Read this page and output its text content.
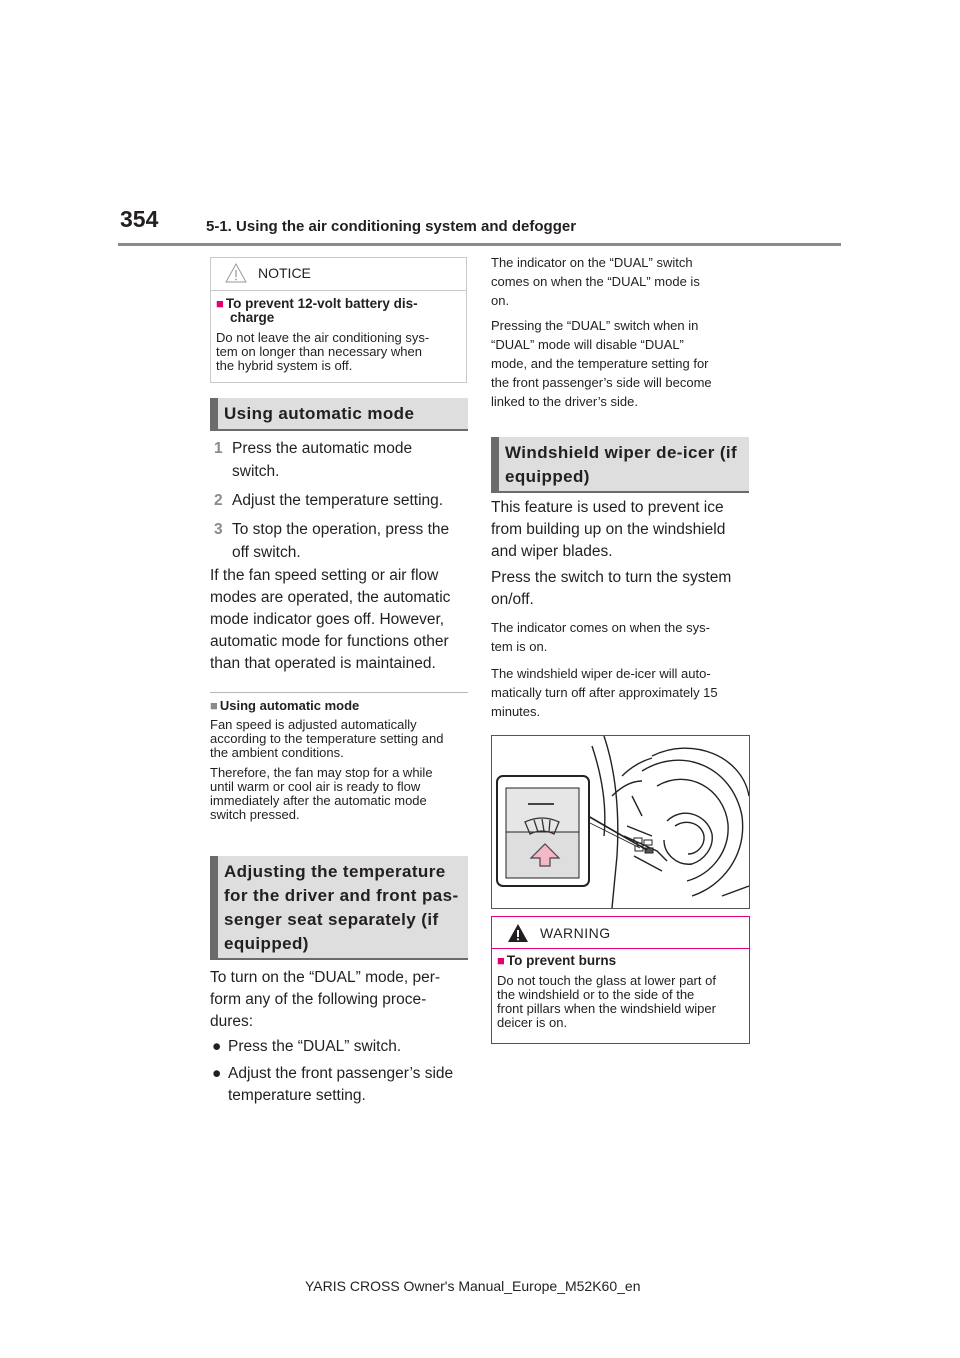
354	5-1. Using the air conditioning system and defogger
NOTICE
■ To prevent 12-volt battery dis-
charge
Do not leave the air conditioning sys-
tem on longer than necessary when
the hybrid system is off.
Using automatic mode
1 Press the automatic mode
switch.
2 Adjust the temperature setting.
3 To stop the operation, press the
off switch.
If the fan speed setting or air flow
modes are operated, the automatic
mode indicator goes off. However,
automatic mode for functions other
than that operated is maintained.
■ Using automatic mode
Fan speed is adjusted automatically
according to the temperature setting and
the ambient conditions.
Therefore, the fan may stop for a while
until warm or cool air is ready to flow
immediately after the automatic mode
switch pressed.
Adjusting the temperature
for the driver and front pas-
senger seat separately (if
equipped)
To turn on the “DUAL” mode, per-
form any of the following proce-
dures:
● Press the “DUAL” switch.
● Adjust the front passenger’s side
temperature setting.
The indicator on the “DUAL” switch
comes on when the “DUAL” mode is
on.
Pressing the “DUAL” switch when in
“DUAL” mode will disable “DUAL”
mode, and the temperature setting for
the front passenger’s side will become
linked to the driver’s side.
Windshield wiper de-icer (if
equipped)
This feature is used to prevent ice
from building up on the windshield
and wiper blades.
Press the switch to turn the system
on/off.
The indicator comes on when the sys-
tem is on.
The windshield wiper de-icer will auto-
matically turn off after approximately 15
minutes.
WARNING
■ To prevent burns
Do not touch the glass at lower part of
the windshield or to the side of the
front pillars when the windshield wiper
deicer is on.
YARIS CROSS Owner's Manual_Europe_M52K60_en
